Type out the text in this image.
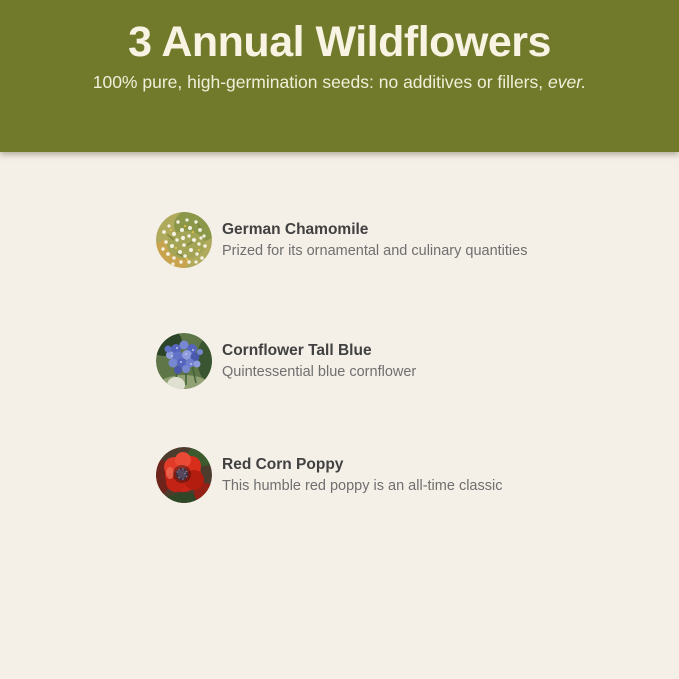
3 Annual Wildflowers

100% pure, high-germination seeds: no additives or fillers, ever.

German Chamomile
Prized for its ornamental and culinary quantities
Cornflower Tall Blue
Quintessential blue cornflower
Red Corn Poppy
This humble red poppy is an all-time classic
